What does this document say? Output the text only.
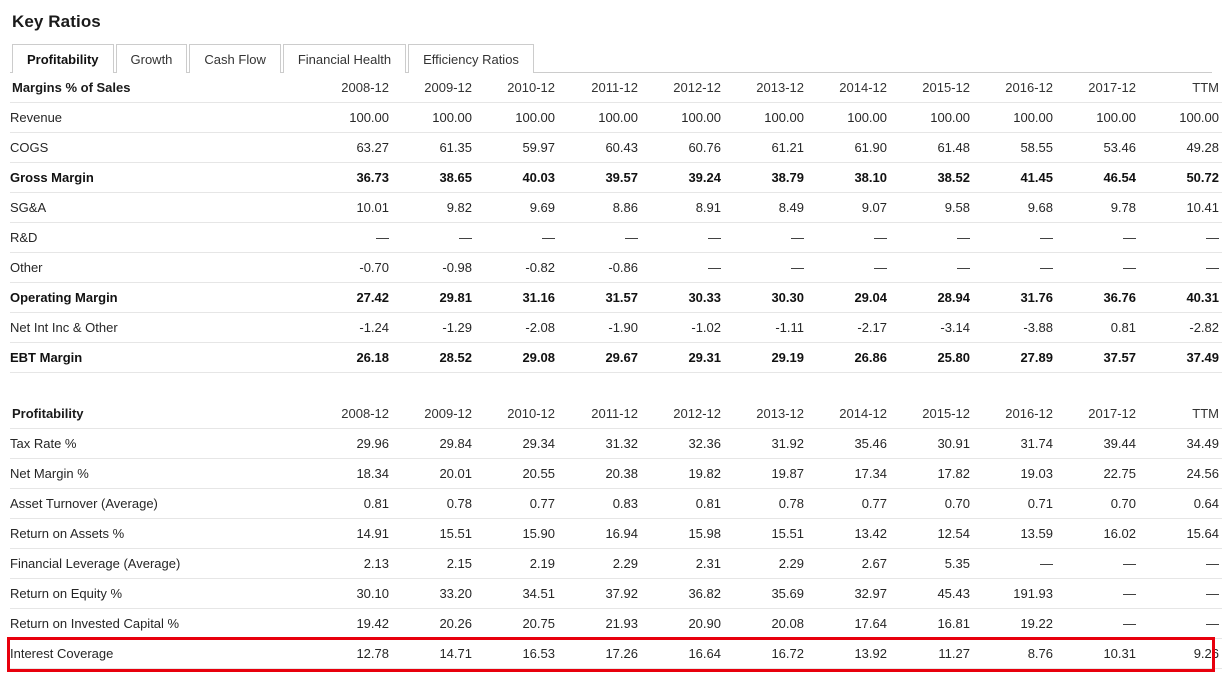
Key Ratios
Profitability	Growth	Cash Flow	Financial Health	Efficiency Ratios
Margins % of Sales	2008-12	2009-12	2010-12	2011-12	2012-12	2013-12	2014-12	2015-12	2016-12	2017-12	TTM
Revenue	100.00	100.00	100.00	100.00	100.00	100.00	100.00	100.00	100.00	100.00	100.00
COGS	63.27	61.35	59.97	60.43	60.76	61.21	61.90	61.48	58.55	53.46	49.28
Gross Margin	36.73	38.65	40.03	39.57	39.24	38.79	38.10	38.52	41.45	46.54	50.72
SG&A	10.01	9.82	9.69	8.86	8.91	8.49	9.07	9.58	9.68	9.78	10.41
R&D	—	—	—	—	—	—	—	—	—	—	—
Other	-0.70	-0.98	-0.82	-0.86	—	—	—	—	—	—	—
Operating Margin	27.42	29.81	31.16	31.57	30.33	30.30	29.04	28.94	31.76	36.76	40.31
Net Int Inc & Other	-1.24	-1.29	-2.08	-1.90	-1.02	-1.11	-2.17	-3.14	-3.88	0.81	-2.82
EBT Margin	26.18	28.52	29.08	29.67	29.31	29.19	26.86	25.80	27.89	37.57	37.49
Profitability	2008-12	2009-12	2010-12	2011-12	2012-12	2013-12	2014-12	2015-12	2016-12	2017-12	TTM
Tax Rate %	29.96	29.84	29.34	31.32	32.36	31.92	35.46	30.91	31.74	39.44	34.49
Net Margin %	18.34	20.01	20.55	20.38	19.82	19.87	17.34	17.82	19.03	22.75	24.56
Asset Turnover (Average)	0.81	0.78	0.77	0.83	0.81	0.78	0.77	0.70	0.71	0.70	0.64
Return on Assets %	14.91	15.51	15.90	16.94	15.98	15.51	13.42	12.54	13.59	16.02	15.64
Financial Leverage (Average)	2.13	2.15	2.19	2.29	2.31	2.29	2.67	5.35	—	—	—
Return on Equity %	30.10	33.20	34.51	37.92	36.82	35.69	32.97	45.43	191.93	—	—
Return on Invested Capital %	19.42	20.26	20.75	21.93	20.90	20.08	17.64	16.81	19.22	—	—
Interest Coverage	12.78	14.71	16.53	17.26	16.64	16.72	13.92	11.27	8.76	10.31	9.26
